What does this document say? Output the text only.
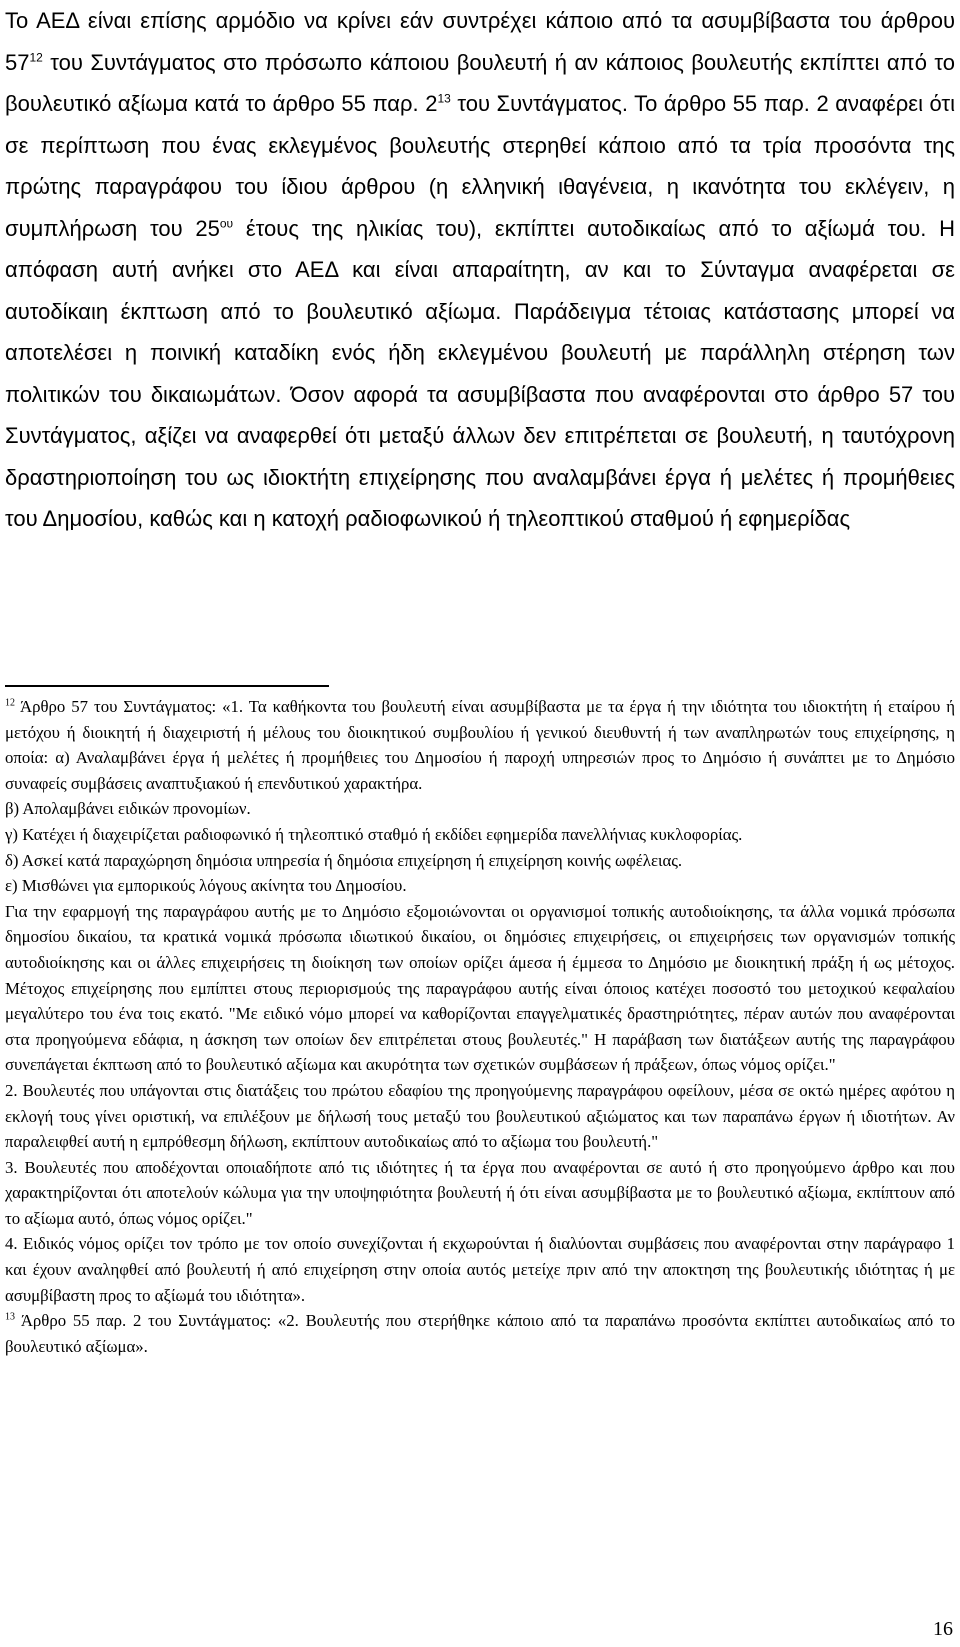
Το ΑΕΔ είναι επίσης αρμόδιο να κρίνει εάν συντρέχει κάποιο από τα ασυμβίβαστα του άρθρου $57^{12}$ του Συντάγματος στο πρόσωπο κάποιου βουλευτή ή αν κάποιος βουλευτής εκπίπτει από το βουλευτικό αξίωμα κατά το άρθρο 55 παρ. $2^{13}$ του Συντάγματος. Το άρθρο 55 παρ. 2 αναφέρει ότι σε περίπτωση που ένας εκλεγμένος βουλευτής στερηθεί κάποιο από τα τρία προσόντα της πρώτης παραγράφου του ίδιου άρθρου (η ελληνική ιθαγένεια, η ικανότητα του εκλέγειν, η συμπλήρωση του $25^{o\upsilon}$ έτους της ηλικίας του), εκπίπτει αυτοδικαίως από το αξίωμά του. Η απόφαση αυτή ανήκει στο ΑΕΔ και είναι απαραίτητη, αν και το Σύνταγμα αναφέρεται σε αυτοδίκαιη έκπτωση από το βουλευτικό αξίωμα. Παράδειγμα τέτοιας κατάστασης μπορεί να αποτελέσει η ποινική καταδίκη ενός ήδη εκλεγμένου βουλευτή με παράλληλη στέρηση των πολιτικών του δικαιωμάτων. Όσον αφορά τα ασυμβίβαστα που αναφέρονται στο άρθρο 57 του Συντάγματος, αξίζει να αναφερθεί ότι μεταξύ άλλων δεν επιτρέπεται σε βουλευτή, η ταυτόχρονη δραστηριοποίηση του ως ιδιοκτήτη επιχείρησης που αναλαμβάνει έργα ή μελέτες ή προμήθειες του Δημοσίου, καθώς και η κατοχή ραδιοφωνικού ή τηλεοπτικού σταθμού ή εφημερίδας

$^{12}$ Άρθρο 57 του Συντάγματος: «1. Τα καθήκοντα του βουλευτή είναι ασυμβίβαστα με τα έργα ή την ιδιότητα του ιδιοκτήτη ή εταίρου ή μετόχου ή διοικητή ή διαχειριστή ή μέλους του διοικητικού συμβουλίου ή γενικού διευθυντή ή των αναπληρωτών τους επιχείρησης, η οποία: α) Αναλαμβάνει έργα ή μελέτες ή προμήθειες του Δημοσίου ή παροχή υπηρεσιών προς το Δημόσιο ή συνάπτει με το Δημόσιο συναφείς συμβάσεις αναπτυξιακού ή επενδυτικού χαρακτήρα.

β) Απολαμβάνει ειδικών προνομίων.

γ) Κατέχει ή διαχειρίζεται ραδιοφωνικό ή τηλεοπτικό σταθμό ή εκδίδει εφημερίδα πανελλήνιας κυκλοφορίας.

δ) Ασκεί κατά παραχώρηση δημόσια υπηρεσία ή δημόσια επιχείρηση ή επιχείρηση κοινής ωφέλειας.

ε) Μισθώνει για εμπορικούς λόγους ακίνητα του Δημοσίου.

Για την εφαρμογή της παραγράφου αυτής με το Δημόσιο εξομοιώνονται οι οργανισμοί τοπικής αυτοδιοίκησης, τα άλλα νομικά πρόσωπα δημοσίου δικαίου, τα κρατικά νομικά πρόσωπα ιδιωτικού δικαίου, οι δημόσιες επιχειρήσεις, οι επιχειρήσεις των οργανισμών τοπικής αυτοδιοίκησης και οι άλλες επιχειρήσεις τη διοίκηση των οποίων ορίζει άμεσα ή έμμεσα το Δημόσιο με διοικητική πράξη ή ως μέτοχος. Μέτοχος επιχείρησης που εμπίπτει στους περιορισμούς της παραγράφου αυτής είναι όποιος κατέχει ποσοστό του μετοχικού κεφαλαίου μεγαλύτερο του ένα τοις εκατό. "Με ειδικό νόμο μπορεί να καθορίζονται επαγγελματικές δραστηριότητες, πέραν αυτών που αναφέρονται στα προηγούμενα εδάφια, η άσκηση των οποίων δεν επιτρέπεται στους βουλευτές." Η παράβαση των διατάξεων αυτής της παραγράφου συνεπάγεται έκπτωση από το βουλευτικό αξίωμα και ακυρότητα των σχετικών συμβάσεων ή πράξεων, όπως νόμος ορίζει."

2. Βουλευτές που υπάγονται στις διατάξεις του πρώτου εδαφίου της προηγούμενης παραγράφου οφείλουν, μέσα σε οκτώ ημέρες αφότου η εκλογή τους γίνει οριστική, να επιλέξουν με δήλωσή τους μεταξύ του βουλευτικού αξιώματος και των παραπάνω έργων ή ιδιοτήτων. Αν παραλειφθεί αυτή η εμπρόθεσμη δήλωση, εκπίπτουν αυτοδικαίως από το αξίωμα του βουλευτή."

3. Βουλευτές που αποδέχονται οποιαδήποτε από τις ιδιότητες ή τα έργα που αναφέρονται σε αυτό ή στο προηγούμενο άρθρο και που χαρακτηρίζονται ότι αποτελούν κώλυμα για την υποψηφιότητα βουλευτή ή ότι είναι ασυμβίβαστα με το βουλευτικό αξίωμα, εκπίπτουν από το αξίωμα αυτό, όπως νόμος ορίζει."

4. Ειδικός νόμος ορίζει τον τρόπο με τον οποίο συνεχίζονται ή εκχωρούνται ή διαλύονται συμβάσεις που αναφέρονται στην παράγραφο 1 και έχουν αναληφθεί από βουλευτή ή από επιχείρηση στην οποία αυτός μετείχε πριν από την αποκτηση της βουλευτικής ιδιότητας ή με ασυμβίβαστη προς το αξίωμά του ιδιότητα».

$^{13}$ Άρθρο 55 παρ. 2 του Συντάγματος: «2. Βουλευτής που στερήθηκε κάποιο από τα παραπάνω προσόντα εκπίπτει αυτοδικαίως από το βουλευτικό αξίωμα».

16
